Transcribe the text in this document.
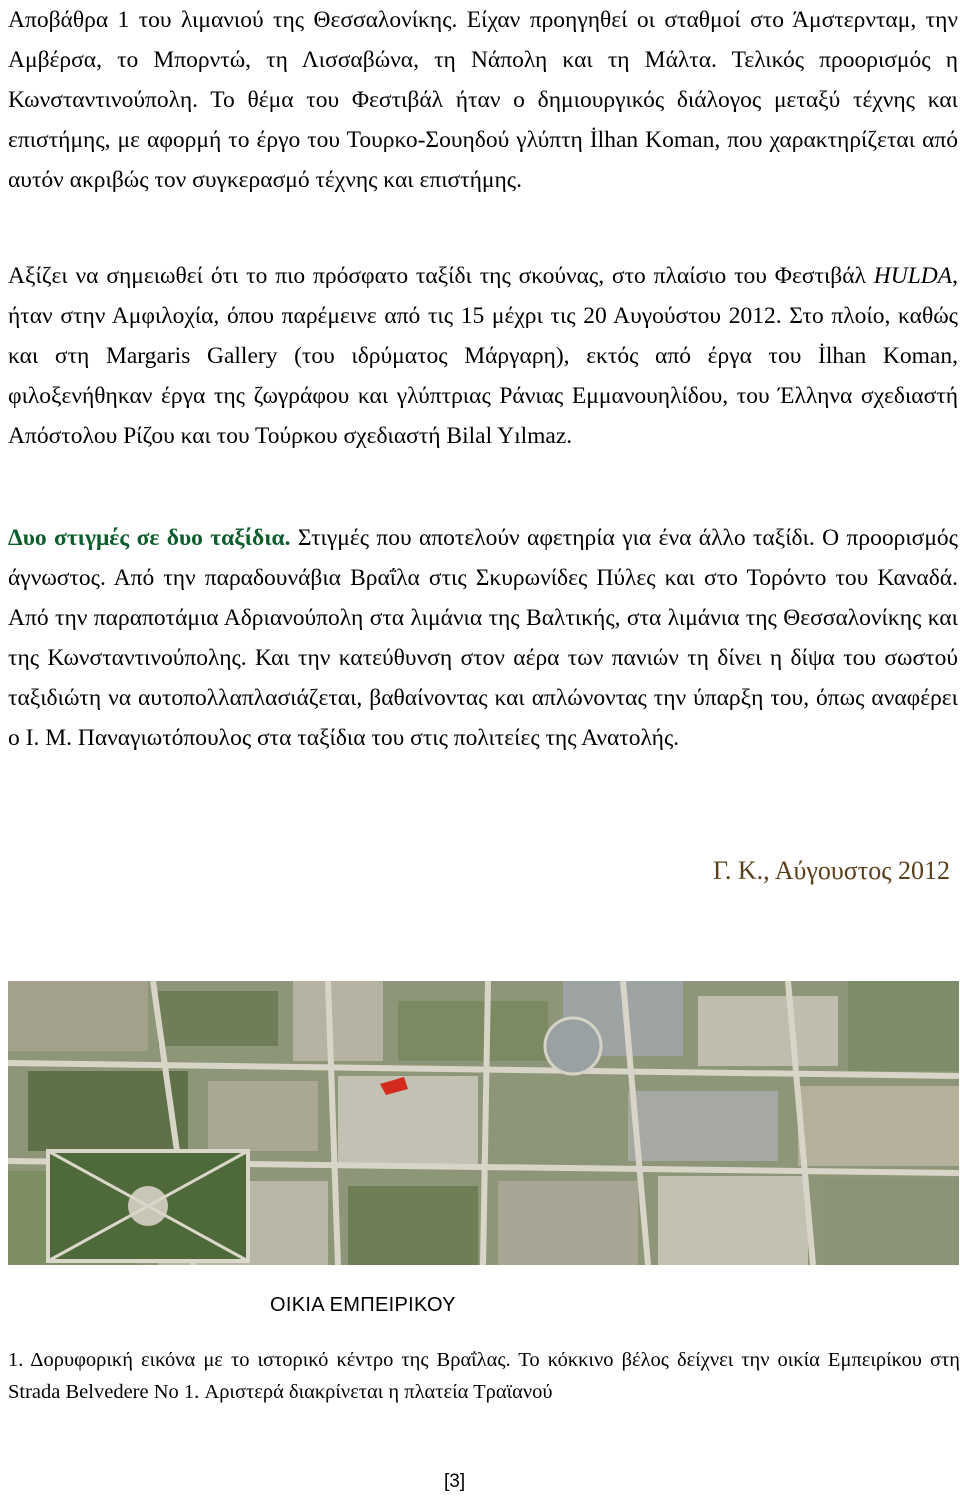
Αποβάθρα 1 του λιμανιού της Θεσσαλονίκης. Είχαν προηγηθεί οι σταθμοί στο Άμστερνταμ, την Αμβέρσα, το Μπορντώ, τη Λισσαβώνα, τη Νάπολη και τη Μάλτα. Τελικός προορισμός η Κωνσταντινούπολη. Το θέμα του Φεστιβάλ ήταν ο δημιουργικός διάλογος μεταξύ τέχνης και επιστήμης, με αφορμή το έργο του Τουρκο-Σουηδού γλύπτη İlhan Koman, που χαρακτηρίζεται από αυτόν ακριβώς τον συγκερασμό τέχνης και επιστήμης.

Αξίζει να σημειωθεί ότι το πιο πρόσφατο ταξίδι της σκούνας, στο πλαίσιο του Φεστιβάλ HULDA, ήταν στην Αμφιλοχία, όπου παρέμεινε από τις 15 μέχρι τις 20 Αυγούστου 2012. Στο πλοίο, καθώς και στη Margaris Gallery (του ιδρύματος Μάργαρη), εκτός από έργα του İlhan Koman, φιλοξενήθηκαν έργα της ζωγράφου και γλύπτριας Ράνιας Εμμανουηλίδου, του Έλληνα σχεδιαστή Απόστολου Ρίζου και του Τούρκου σχεδιαστή Bilal Yılmaz.

Δυο στιγμές σε δυο ταξίδια. Στιγμές που αποτελούν αφετηρία για ένα άλλο ταξίδι. Ο προορισμός άγνωστος. Από την παραδουνάβια Βραΐλα στις Σκυρωνίδες Πύλες και στο Τορόντο του Καναδά. Από την παραποτάμια Αδριανούπολη στα λιμάνια της Βαλτικής, στα λιμάνια της Θεσσαλονίκης και της Κωνσταντινούπολης. Και την κατεύθυνση στον αέρα των πανιών τη δίνει η δίψα του σωστού ταξιδιώτη να αυτοπολλαπλασιάζεται, βαθαίνοντας και απλώνοντας την ύπαρξη του, όπως αναφέρει ο Ι. Μ. Παναγιωτόπουλος στα ταξίδια του στις πολιτείες της Ανατολής.

Γ. Κ., Αύγουστος 2012
ΟΙΚΙΑ ΕΜΠΕΙΡΙΚΟΥ

1. Δορυφορική εικόνα με το ιστορικό κέντρο της Βραΐλας. Το κόκκινο βέλος δείχνει την οικία Εμπειρίκου στη Strada Belvedere No 1. Αριστερά διακρίνεται η πλατεία Τραϊανού

[3]
